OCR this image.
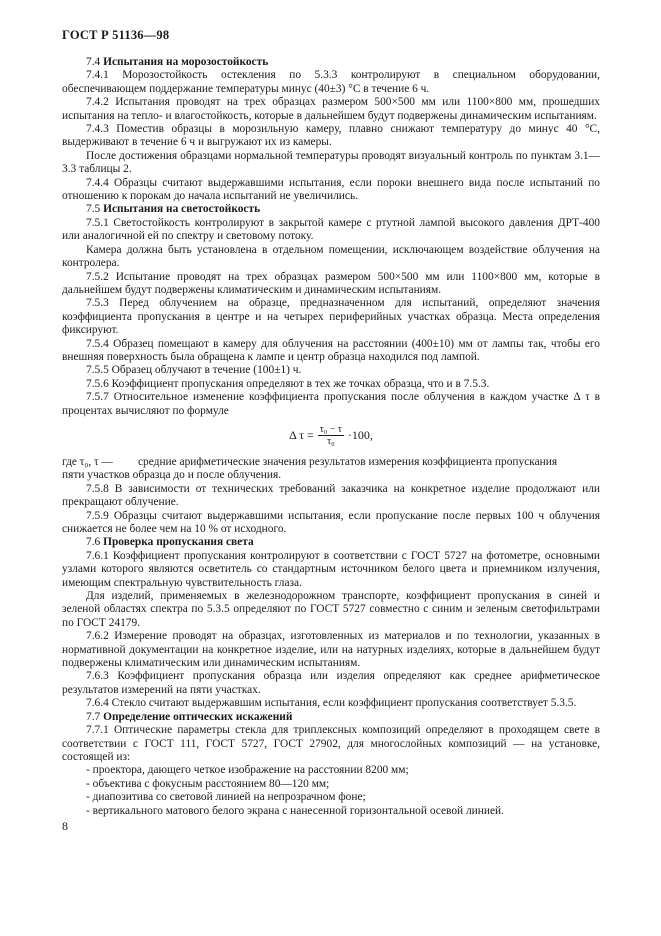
ГОСТ Р 51136—98

7.4 Испытания на морозостойкость

7.4.1 Морозостойкость остекления по 5.3.3 контролируют в специальном оборудовании, обеспечивающем поддержание температуры минус (40±3) °С в течение 6 ч.

7.4.2 Испытания проводят на трех образцах размером 500×500 мм или 1100×800 мм, прошедших испытания на тепло- и влагостойкость, которые в дальнейшем будут подвержены динамическим испытаниям.

7.4.3 Поместив образцы в морозильную камеру, плавно снижают температуру до минус 40 °С, выдерживают в течение 6 ч и выгружают их из камеры.

После достижения образцами нормальной температуры проводят визуальный контроль по пунктам 3.1—3.3 таблицы 2.

7.4.4 Образцы считают выдержавшими испытания, если пороки внешнего вида после испытаний по отношению к порокам до начала испытаний не увеличились.

7.5 Испытания на светостойкость

7.5.1 Светостойкость контролируют в закрытой камере с ртутной лампой высокого давления ДРТ-400 или аналогичной ей по спектру и световому потоку.

Камера должна быть установлена в отдельном помещении, исключающем воздействие облучения на контролера.

7.5.2 Испытание проводят на трех образцах размером 500×500 мм или 1100×800 мм, которые в дальнейшем будут подвержены климатическим и динамическим испытаниям.

7.5.3 Перед облучением на образце, предназначенном для испытаний, определяют значения коэффициента пропускания в центре и на четырех периферийных участках образца. Места определения фиксируют.

7.5.4 Образец помещают в камеру для облучения на расстоянии (400±10) мм от лампы так, чтобы его внешняя поверхность была обращена к лампе и центр образца находился под лампой.

7.5.5 Образец облучают в течение (100±1) ч.

7.5.6 Коэффициент пропускания определяют в тех же точках образца, что и в 7.5.3.

7.5.7 Относительное изменение коэффициента пропускания после облучения в каждом участке Δ τ в процентах вычисляют по формуле

Δ $\tau = \frac{\text{τ₀ − τ}}{\text{τ₀}} \cdot 100$,
где τ₀, τ —	средние арифметические значения результатов измерения коэффициента пропускания
пяти участков образца до и после облучения.

7.5.8 В зависимости от технических требований заказчика на конкретное изделие продолжают или прекращают облучение.

7.5.9 Образцы считают выдержавшими испытания, если пропускание после первых 100 ч облучения снижается не более чем на 10 % от исходного.

7.6 Проверка пропускания света

7.6.1 Коэффициент пропускания контролируют в соответствии с ГОСТ 5727 на фотометре, основными узлами которого являются осветитель со стандартным источником белого цвета и приемником излучения, имеющим спектральную чувствительность глаза.

Для изделий, применяемых в железнодорожном транспорте, коэффициент пропускания в синей и зеленой областях спектра по 5.3.5 определяют по ГОСТ 5727 совместно с синим и зеленым светофильтрами по ГОСТ 24179.

7.6.2 Измерение проводят на образцах, изготовленных из материалов и по технологии, указанных в нормативной документации на конкретное изделие, или на натурных изделиях, которые в дальнейшем будут подвержены климатическим или динамическим испытаниям.

7.6.3 Коэффициент пропускания образца или изделия определяют как среднее арифметическое результатов измерений на пяти участках.

7.6.4 Стекло считают выдержавшим испытания, если коэффициент пропускания соответствует 5.3.5.

7.7 Определение оптических искажений

7.7.1 Оптические параметры стекла для триплексных композиций определяют в проходящем свете в соответствии с ГОСТ 111, ГОСТ 5727, ГОСТ 27902, для многослойных композиций — на установке, состоящей из:

- проектора, дающего четкое изображение на расстоянии 8200 мм;

- объектива с фокусным расстоянием 80—120 мм;

- диапозитива со световой линией на непрозрачном фоне;

- вертикального матового белого экрана с нанесенной горизонтальной осевой линией.

8
